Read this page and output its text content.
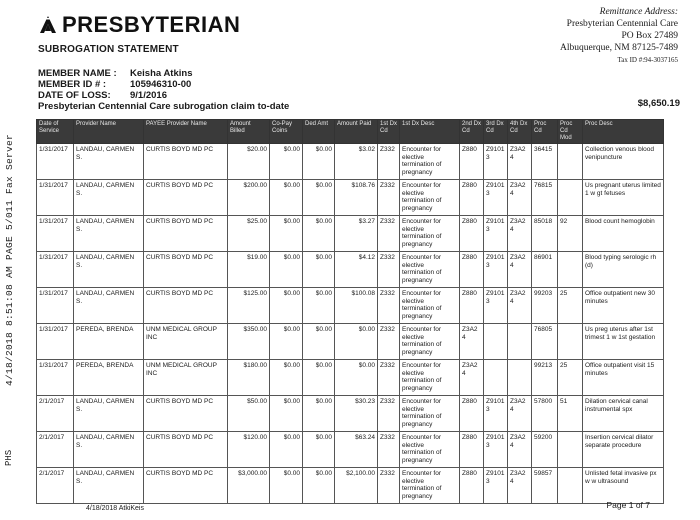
4/18/2018 8:51:08 AM PAGE 5/011 Fax Server
PHS
PRESBYTERIAN
SUBROGATION STATEMENT
Remittance Address:
Presbyterian Centennial Care
PO Box 27489
Albuquerque, NM 87125-7489
Tax ID #:94-3037165
MEMBER NAME :	Keisha Atkins
MEMBER ID # :	105946310-00
DATE OF LOSS:	9/1/2016
Presbyterian Centennial Care subrogation claim to-date	$8,650.19
Date of Service	Provider Name	PAYEE Provider Name	Amount Billed	Co-Pay Coins	Ded Amt	Amount Paid	1st Dx Cd	1st Dx Desc	2nd Dx Cd	3rd Dx Cd	4th Dx Cd	Proc Cd	Proc Cd Mod	Proc Desc
1/31/2017	LANDAU, CARMEN S.	CURTIS BOYD MD PC	$20.00	$0.00	$0.00	$3.02	Z332	Encounter for elective termination of pregnancy	Z880	Z9101 3	Z3A24	36415		Collection venous blood venipuncture
1/31/2017	LANDAU, CARMEN S.	CURTIS BOYD MD PC	$200.00	$0.00	$0.00	$108.76	Z332	Encounter for elective termination of pregnancy	Z880	Z9101 3	Z3A24	76815		Us pregnant uterus limited 1 w gt fetuses
1/31/2017	LANDAU, CARMEN S.	CURTIS BOYD MD PC	$25.00	$0.00	$0.00	$3.27	Z332	Encounter for elective termination of pregnancy	Z880	Z9101 3	Z3A24	85018	92	Blood count hemoglobin
1/31/2017	LANDAU, CARMEN S.	CURTIS BOYD MD PC	$19.00	$0.00	$0.00	$4.12	Z332	Encounter for elective termination of pregnancy	Z880	Z9101 3	Z3A24	86901		Blood typing serologic rh (d)
1/31/2017	LANDAU, CARMEN S.	CURTIS BOYD MD PC	$125.00	$0.00	$0.00	$100.08	Z332	Encounter for elective termination of pregnancy	Z880	Z9101 3	Z3A24	99203	25	Office outpatient new 30 minutes
1/31/2017	PEREDA, BRENDA	UNM MEDICAL GROUP INC	$350.00	$0.00	$0.00	$0.00	Z332	Encounter for elective termination of pregnancy	Z3A24			76805		Us preg uterus after 1st trimest 1 w 1st gestation
1/31/2017	PEREDA, BRENDA	UNM MEDICAL GROUP INC	$180.00	$0.00	$0.00	$0.00	Z332	Encounter for elective termination of pregnancy	Z3A24			99213	25	Office outpatient visit 15 minutes
2/1/2017	LANDAU, CARMEN S.	CURTIS BOYD MD PC	$50.00	$0.00	$0.00	$30.23	Z332	Encounter for elective termination of pregnancy	Z880	Z9101 3	Z3A24	57800	51	Dilation cervical canal instrumental spx
2/1/2017	LANDAU, CARMEN S.	CURTIS BOYD MD PC	$120.00	$0.00	$0.00	$63.24	Z332	Encounter for elective termination of pregnancy	Z880	Z9101 3	Z3A24	59200		Insertion cervical dilator separate procedure
2/1/2017	LANDAU, CARMEN S.	CURTIS BOYD MD PC	$3,000.00	$0.00	$0.00	$2,100.00	Z332	Encounter for elective termination of pregnancy	Z880	Z9101 3	Z3A24	59857		Unlisted fetal invasive px w w ultrasound
4/18/2018 AtkiKeis	Page 1 of 7
